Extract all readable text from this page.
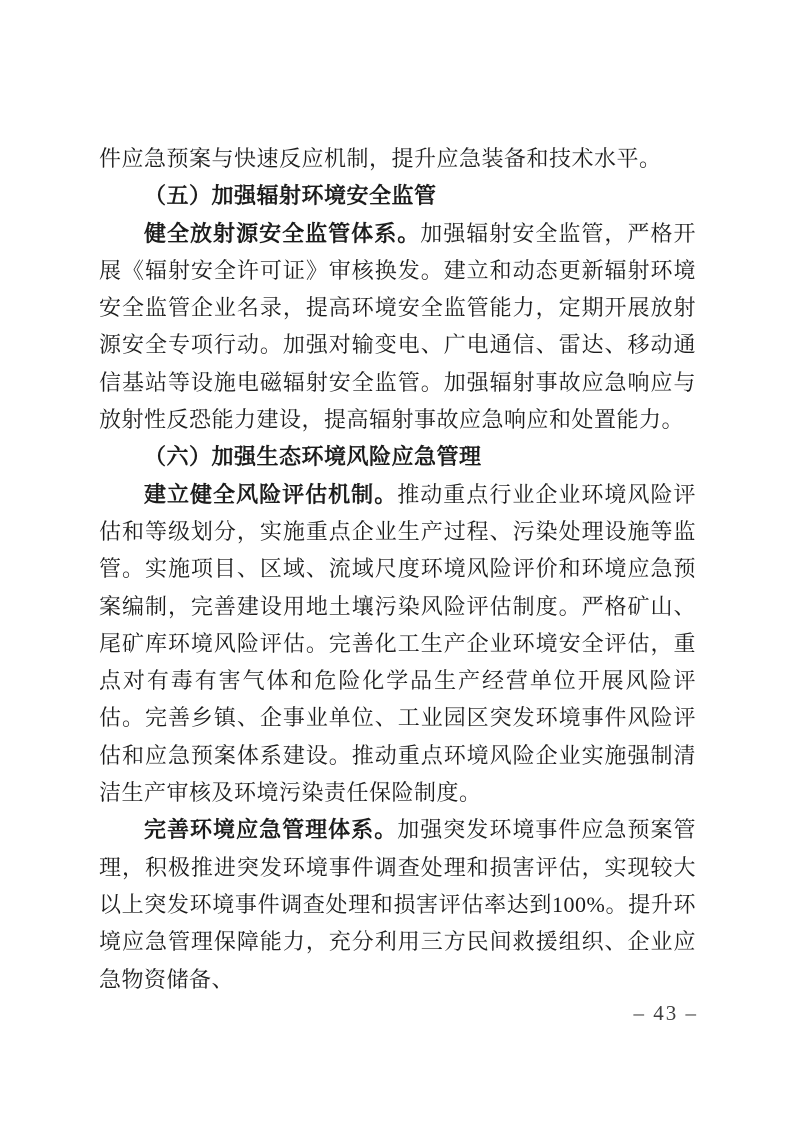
件应急预案与快速反应机制，提升应急装备和技术水平。

（五）加强辐射环境安全监管

健全放射源安全监管体系。加强辐射安全监管，严格开展《辐射安全许可证》审核换发。建立和动态更新辐射环境安全监管企业名录，提高环境安全监管能力，定期开展放射源安全专项行动。加强对输变电、广电通信、雷达、移动通信基站等设施电磁辐射安全监管。加强辐射事故应急响应与放射性反恐能力建设，提高辐射事故应急响应和处置能力。

（六）加强生态环境风险应急管理

建立健全风险评估机制。推动重点行业企业环境风险评估和等级划分，实施重点企业生产过程、污染处理设施等监管。实施项目、区域、流域尺度环境风险评价和环境应急预案编制，完善建设用地土壤污染风险评估制度。严格矿山、尾矿库环境风险评估。完善化工生产企业环境安全评估，重点对有毒有害气体和危险化学品生产经营单位开展风险评估。完善乡镇、企事业单位、工业园区突发环境事件风险评估和应急预案体系建设。推动重点环境风险企业实施强制清洁生产审核及环境污染责任保险制度。

完善环境应急管理体系。加强突发环境事件应急预案管理，积极推进突发环境事件调查处理和损害评估，实现较大以上突发环境事件调查处理和损害评估率达到100%。提升环境应急管理保障能力，充分利用三方民间救援组织、企业应急物资储备、

– 43 –
